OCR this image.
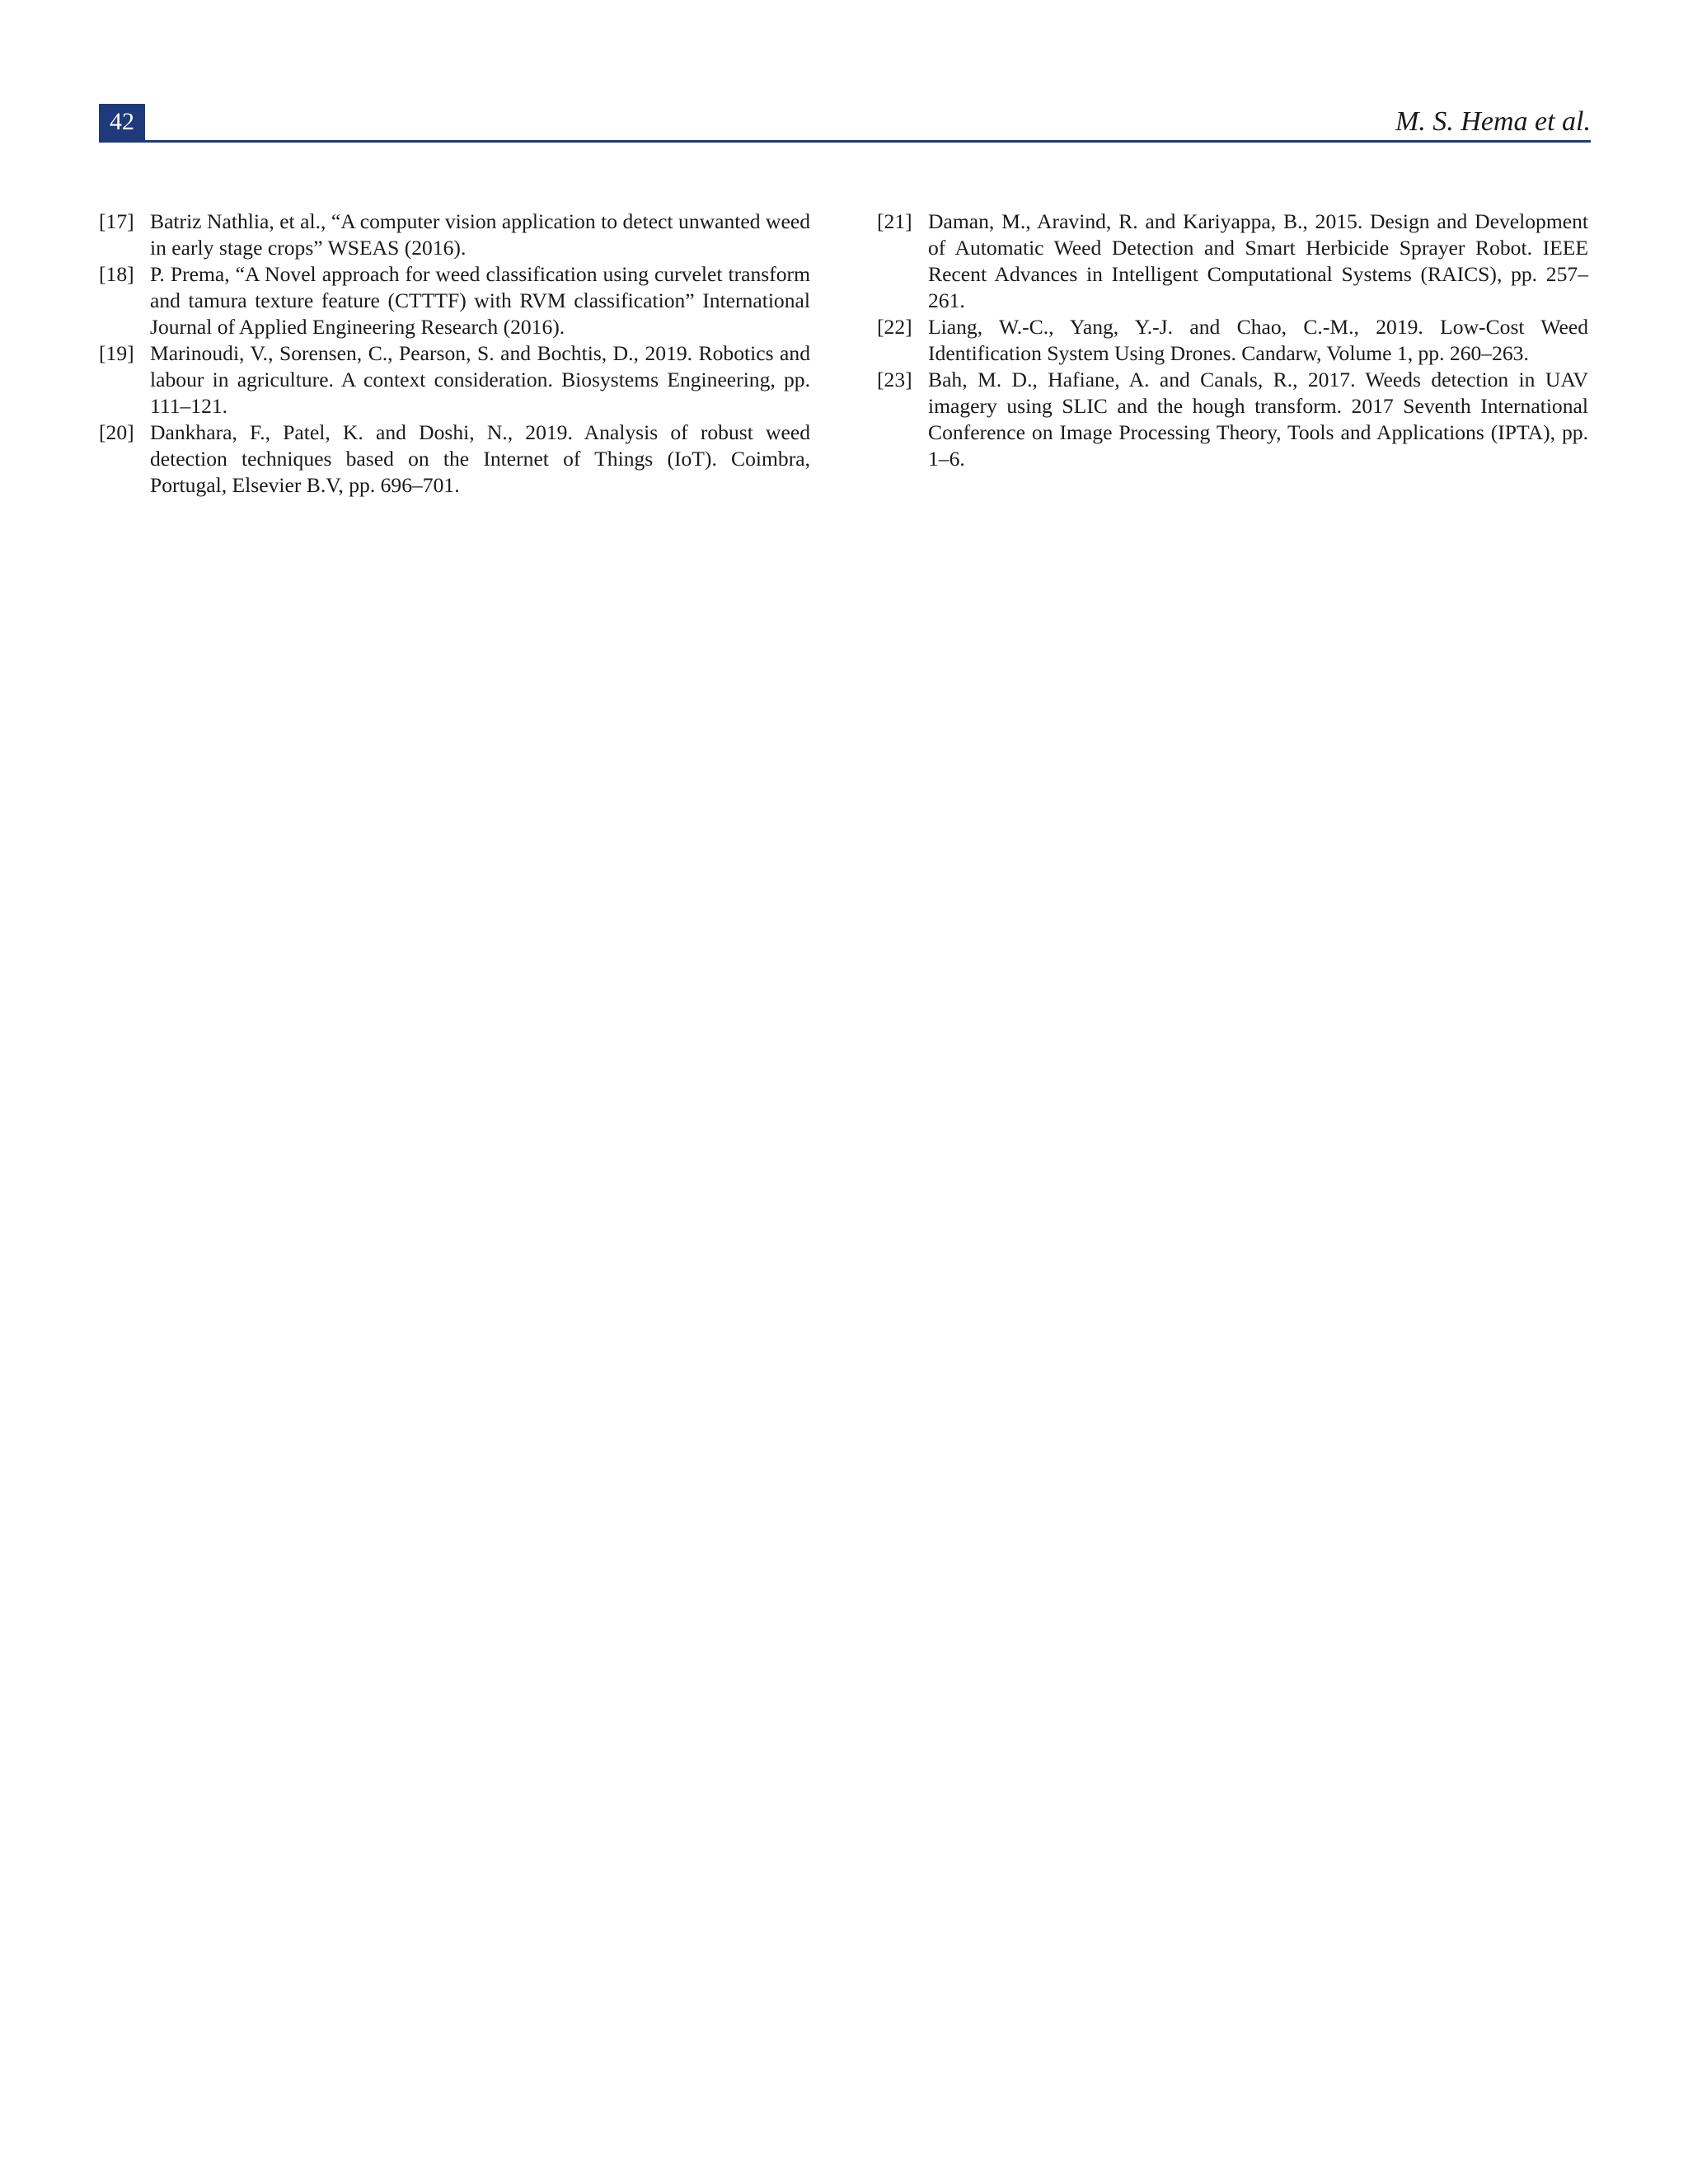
42	M. S. Hema et al.

[17] Batriz Nathlia, et al., “A computer vision application to detect unwanted weed in early stage crops” WSEAS (2016).

[18] P. Prema, “A Novel approach for weed classification using curvelet transform and tamura texture feature (CTTTF) with RVM classification” International Journal of Applied Engineering Research (2016).

[19] Marinoudi, V., Sorensen, C., Pearson, S. and Bochtis, D., 2019. Robotics and labour in agriculture. A context consideration. Biosystems Engineering, pp. 111–121.

[20] Dankhara, F., Patel, K. and Doshi, N., 2019. Analysis of robust weed detection techniques based on the Internet of Things (IoT). Coimbra, Portugal, Elsevier B.V, pp. 696–701.

[21] Daman, M., Aravind, R. and Kariyappa, B., 2015. Design and Development of Automatic Weed Detection and Smart Herbicide Sprayer Robot. IEEE Recent Advances in Intelligent Computational Systems (RAICS), pp. 257–261.

[22] Liang, W.-C., Yang, Y.-J. and Chao, C.-M., 2019. Low-Cost Weed Identification System Using Drones. Candarw, Volume 1, pp. 260–263.

[23] Bah, M. D., Hafiane, A. and Canals, R., 2017. Weeds detection in UAV imagery using SLIC and the hough transform. 2017 Seventh International Conference on Image Processing Theory, Tools and Applications (IPTA), pp. 1–6.
